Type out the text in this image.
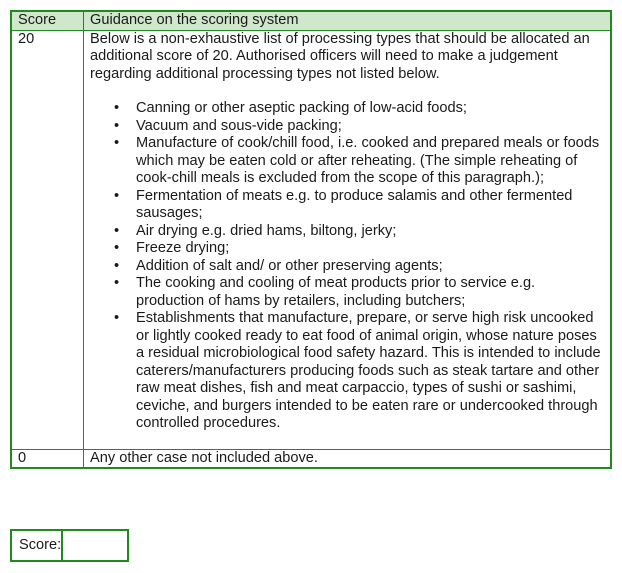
Score	Guidance on the scoring system
20	Below is a non-exhaustive list of processing types that should be allocated an additional score of 20. Authorised officers will need to make a judgement regarding additional processing types not listed below.

• Canning or other aseptic packing of low-acid foods;
• Vacuum and sous-vide packing;
• Manufacture of cook/chill food, i.e. cooked and prepared meals or foods which may be eaten cold or after reheating. (The simple reheating of cook-chill meals is excluded from the scope of this paragraph.);
• Fermentation of meats e.g. to produce salamis and other fermented sausages;
• Air drying e.g. dried hams, biltong, jerky;
• Freeze drying;
• Addition of salt and/ or other preserving agents;
• The cooking and cooling of meat products prior to service e.g. production of hams by retailers, including butchers;
• Establishments that manufacture, prepare, or serve high risk uncooked or lightly cooked ready to eat food of animal origin, whose nature poses a residual microbiological food safety hazard. This is intended to include caterers/manufacturers producing foods such as steak tartare and other raw meat dishes, fish and meat carpaccio, types of sushi or sashimi, ceviche, and burgers intended to be eaten rare or undercooked through controlled procedures.

0	Any other case not included above.
Score:
